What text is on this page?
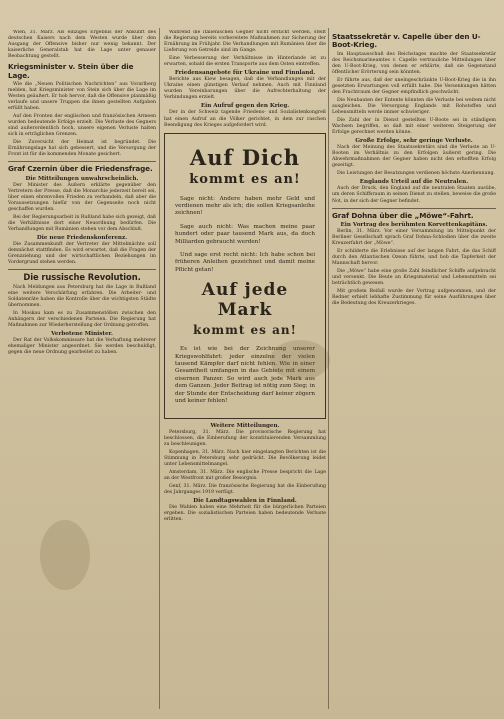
Wien, 31. März. Als einziges Ergebnis der Ankunft des deutschen Kaisers nach dem Westen wurde über den Ausgang der Offensive bisher nur wenig bekannt. Der kaiserliche Generalstab hat die Lage unter genauer Beobachtung gestellt.

Kriegsminister v. Stein über die Lage.

Wie die „Neuen Politischen Nachrichten“ aus Vorarlberg melden, hat Kriegsminister von Stein sich über die Lage im Westen geäußert. Er hob hervor, daß die Offensive planmäßig verlaufe und unsere Truppen die ihnen gestellten Aufgaben erfüllt haben.

Auf den Fronten der englischen und französischen Armeen wurden bedeutende Erfolge erzielt. Die Verluste des Gegners sind außerordentlich hoch, unsere eigenen Verluste halten sich in erträglichen Grenzen.

Die Zuversicht der Heimat ist begründet. Die Ernährungslage hat sich gebessert, und die Versorgung der Front ist für die kommenden Monate gesichert.

Graf Czernin über die Friedensfrage.
Die Mitteilungen unwahrscheinlich.

Der Minister des Äußern erklärte gegenüber den Vertretern der Presse, daß die Monarchie jederzeit bereit sei, über einen ehrenvollen Frieden zu verhandeln, daß aber die Voraussetzungen hiefür von der Gegenseite noch nicht geschaffen wurden.

Bei der Regierungsarbeit in Rußland habe sich gezeigt, daß die Verhältnisse dort einer Neuordnung bedürfen. Die Verhandlungen mit Rumänien stehen vor dem Abschluß.

Die neue Friedenskonferenz.

Die Zusammenkunft der Vertreter der Mittelmächte soll demnächst stattfinden. Es wird erwartet, daß die Fragen der Grenzziehung und der wirtschaftlichen Beziehungen im Vordergrund stehen werden.

Die russische Revolution.

Nach Meldungen aus Petersburg hat die Lage in Rußland eine weitere Verschärfung erfahren. Die Arbeiter- und Soldatenräte haben die Kontrolle über die wichtigsten Städte übernommen.

In Moskau kam es zu Zusammenstößen zwischen den Anhängern der verschiedenen Parteien. Die Regierung hat Maßnahmen zur Wiederherstellung der Ordnung getroffen.

Verbotene Minister.

Der Rat der Volkskommissare hat die Verhaftung mehrerer ehemaliger Minister angeordnet. Sie werden beschuldigt, gegen die neue Ordnung gearbeitet zu haben.

Während die italienischen Gegner nicht erstickt werden, stellt die Regierung bereits vorbereitete Maßnahmen zur Sicherung der Ernährung im Frühjahr. Die Verhandlungen mit Rumänien über die Lieferung von Getreide sind im Gange.

Eine Verbesserung der Verhältnisse im Hinterlande ist zu erwarten, sobald die ersten Transporte aus dem Osten eintreffen.

Friedensangebote für Ukraine und Finnland.

Berichte aus Kiew besagen, daß die Verhandlungen mit der Ukraine einen günstigen Verlauf nehmen. Auch mit Finnland wurden Vereinbarungen über die Aufrechterhaltung der Verbindungen erzielt.

Ein Aufruf gegen den Krieg.

Der in der Schweiz tagende Friedens- und Sozialistenkongreß hat einen Aufruf an die Völker gerichtet, in dem zur raschen Beendigung des Krieges aufgefordert wird.

Auf Dich
kommt es an!

Sage nicht: Andere haben mehr Geld und verdienen mehr als ich; die sollen Kriegsanleihe zeichnen!

Sage auch nicht: Was machen meine paar hundert oder paar tausend Mark aus, da doch Milliarden gebraucht werden!

Und sage erst recht nicht: Ich habe schon bei früheren Anleihen gezeichnet und damit meine Pflicht getan!

Auf jede Mark
kommt es an!

Es ist wie bei der Zeichnung unserer Kriegswohlfahrt: jeder einzelne der vielen tausend Kämpfer darf nicht fehlen. Wie in einer Gesamtheit umfangen in das Gebiete mit einem eisernen Panzer. So wird auch jede Mark aus dem Ganzen. Jeder Beitrag ist nötig zum Sieg; in der Stunde der Entscheidung darf keiner zögern und keiner fehlen!

Weitere Mitteilungen.

Petersburg, 31. März. Die provisorische Regierung hat beschlossen, die Einberufung der konstituierenden Versammlung zu beschleunigen.

Kopenhagen, 31. März. Nach hier eingelangten Berichten ist die Stimmung in Petersburg sehr gedrückt. Die Bevölkerung leidet unter Lebensmittelmangel.

Amsterdam, 31. März. Die englische Presse bespricht die Lage an der Westfront mit großer Besorgnis.

Genf, 31. März. Die französische Regierung hat die Einberufung des Jahrganges 1919 verfügt.

Die Landtagswahlen in Finnland.

Die Wahlen haben eine Mehrheit für die bürgerlichen Parteien ergeben. Die sozialistischen Parteien haben bedeutende Verluste erlitten.

Staatssekretär v. Capelle über den U-Boot-Krieg.

Im Hauptausschuß des Reichstages machte der Staatssekretär des Reichsmarineamtes v. Capelle vertrauliche Mitteilungen über den U-Boot-Krieg, von denen er erklärte, daß sie Gegenstand öffentlicher Erörterung sein könnten.

Er führte aus, daß der uneingeschränkte U-Boot-Krieg die in ihn gesetzten Erwartungen voll erfüllt habe. Die Versenkungen hätten den Frachtraum der Gegner empfindlich geschwächt.

Die Neubauten der Entente könnten die Verluste bei weitem nicht ausgleichen. Die Versorgung Englands mit Rohstoffen und Lebensmitteln werde immer schwieriger.

Die Zahl der in Dienst gestellten U-Boote sei in ständigem Wachsen begriffen, so daß mit einer weiteren Steigerung der Erfolge gerechnet werden könne.

Große Erfolge, sehr geringe Verluste.

Nach der Meinung des Staatssekretärs sind die Verluste an U-Booten im Verhältnis zu den Erfolgen äußerst gering. Die Abwehrmaßnahmen der Gegner haben nicht den erhofften Erfolg gezeitigt.

Die Leistungen der Besatzungen verdienen höchste Anerkennung.

Englands Urteil auf die Neutralen.

Auch der Druck, den England auf die neutralen Staaten ausübe, um deren Schiffsraum in seinen Dienst zu stellen, beweise die große Not, in der sich der Gegner befindet.

Graf Dohna über die „Möwe“-Fahrt.
Ein Vortrag des berühmten Korvettenkapitäns.

Berlin, 31. März. Vor einer Versammlung im Mittelpunkt der Berliner Gesellschaft sprach Graf Dohna-Schlodien über die zweite Kreuzerfahrt der „Möwe“.

Er schilderte die Erlebnisse auf der langen Fahrt, die das Schiff durch den Atlantischen Ozean führte, und hob die Tapferkeit der Mannschaft hervor.

Die „Möwe“ habe eine große Zahl feindlicher Schiffe aufgebracht und versenkt. Die Beute an Kriegsmaterial und Lebensmitteln sei beträchtlich gewesen.

Mit großem Beifall wurde der Vortrag aufgenommen, und der Redner erhielt lebhafte Zustimmung für seine Ausführungen über die Bedeutung des Kreuzerkrieges.
